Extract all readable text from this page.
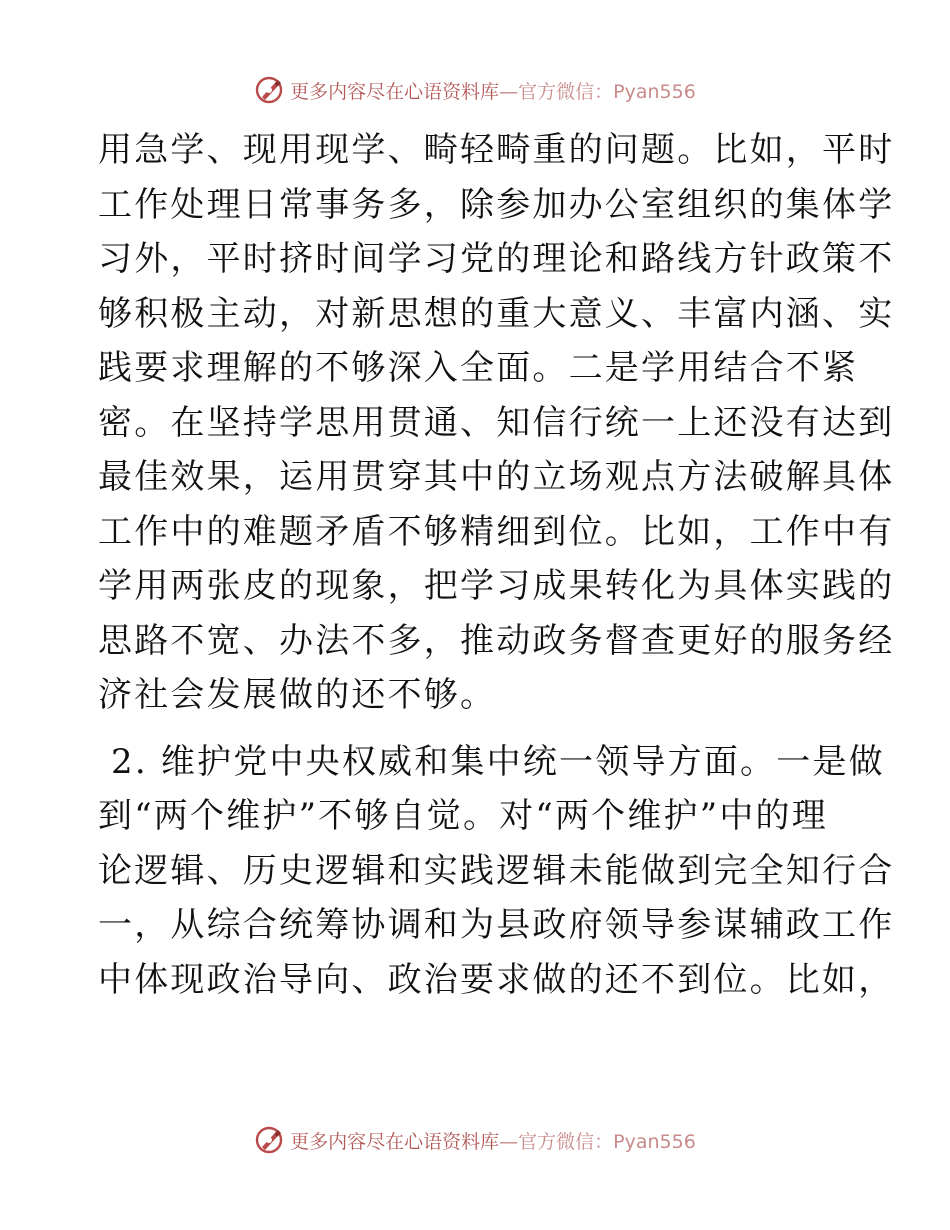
更多内容尽在心语资料库—官方微信：Pyan556
用急学、现用现学、畸轻畸重的问题。比如，平时
工作处理日常事务多，除参加办公室组织的集体学
习外，平时挤时间学习党的理论和路线方针政策不
够积极主动，对新思想的重大意义、丰富内涵、实
践要求理解的不够深入全面。二是学用结合不紧
密。在坚持学思用贯通、知信行统一上还没有达到
最佳效果，运用贯穿其中的立场观点方法破解具体
工作中的难题矛盾不够精细到位。比如，工作中有
学用两张皮的现象，把学习成果转化为具体实践的
思路不宽、办法不多，推动政务督查更好的服务经
济社会发展做的还不够。
2. 维护党中央权威和集中统一领导方面。一是做
到“两个维护”不够自觉。对“两个维护”中的理
论逻辑、历史逻辑和实践逻辑未能做到完全知行合
一，从综合统筹协调和为县政府领导参谋辅政工作
中体现政治导向、政治要求做的还不到位。比如，
更多内容尽在心语资料库—官方微信：Pyan556
